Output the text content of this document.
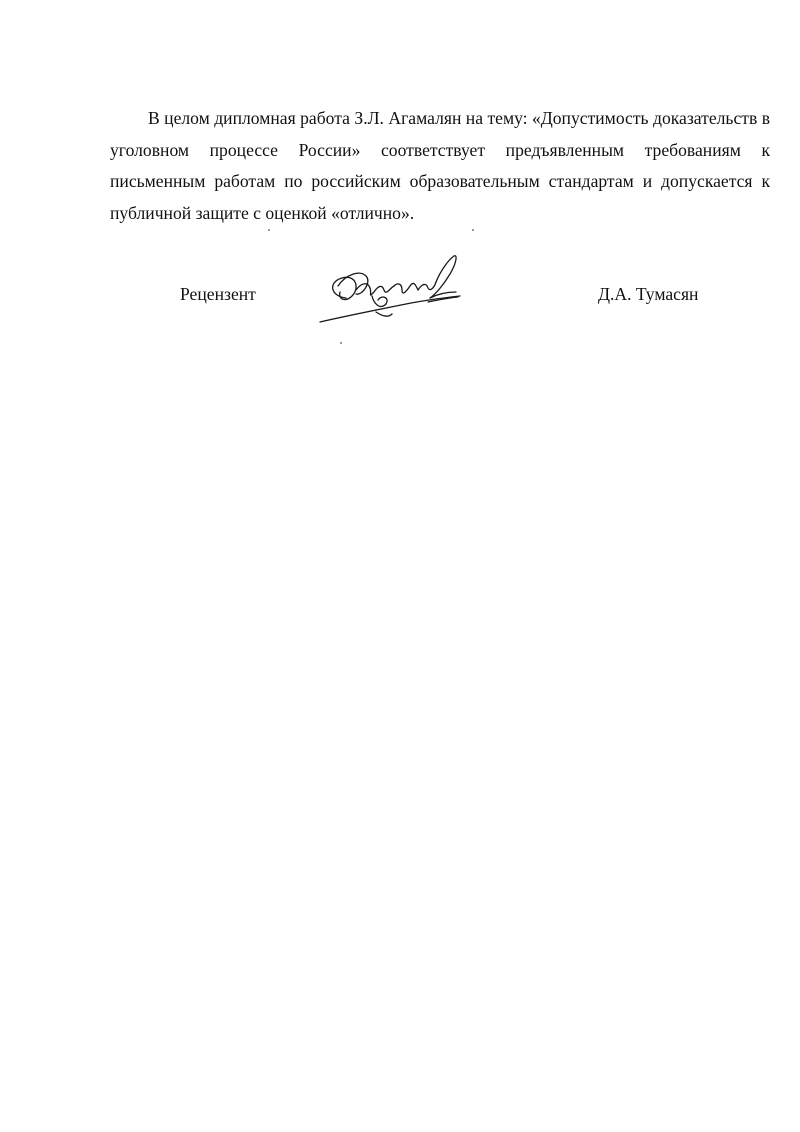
В целом дипломная работа З.Л. Агамалян на тему: «Допустимость доказательств в уголовном процессе России» соответствует предъявленным требованиям к письменным работам по российским образовательным стандартам и допускается к публичной защите с оценкой «отлично».

Рецензент	Д.А. Тумасян
